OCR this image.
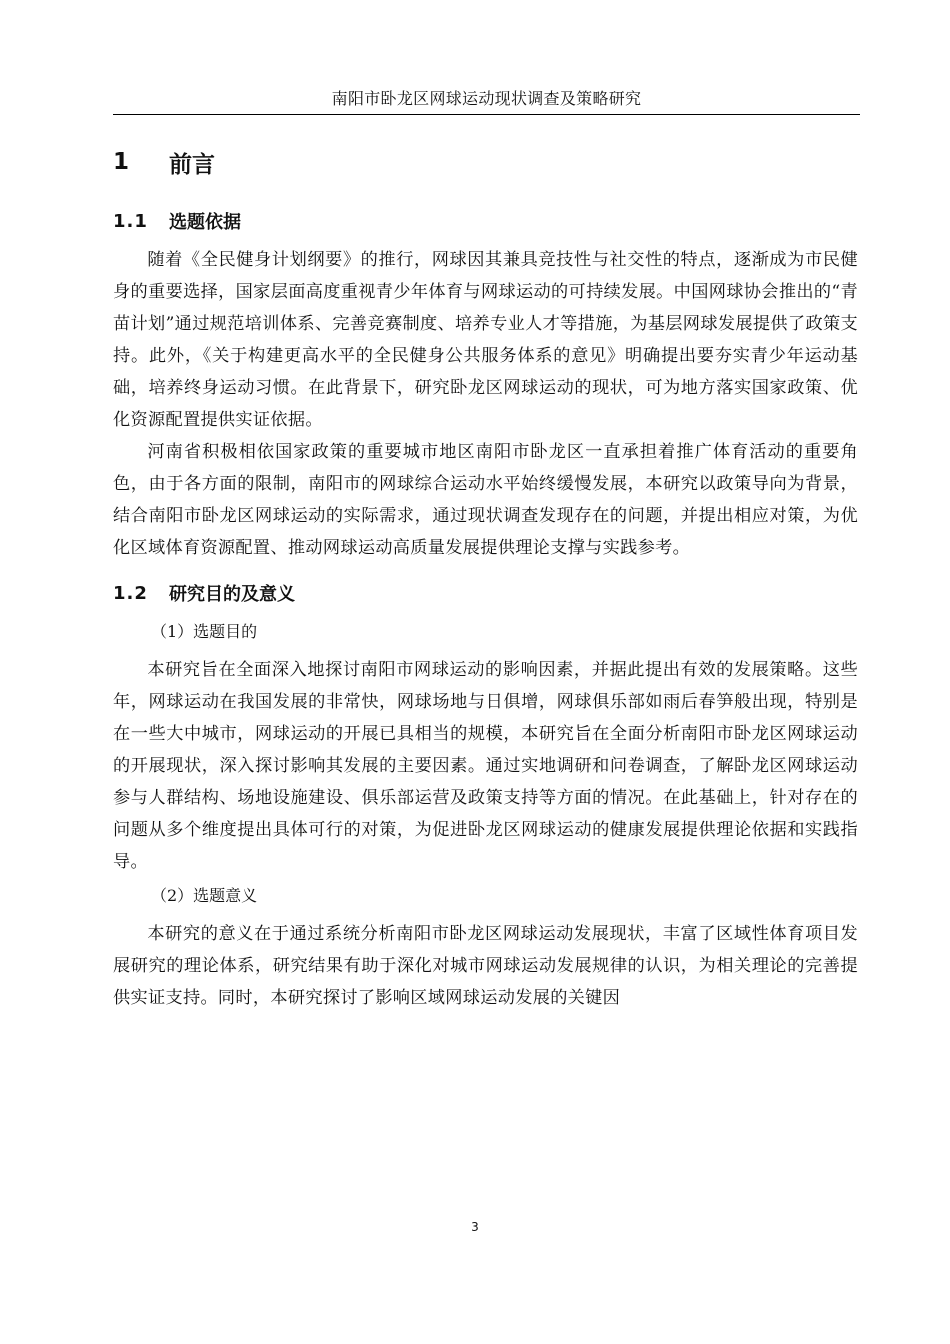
南阳市卧龙区网球运动现状调查及策略研究
1	前言
1.1	选题依据

随着《全民健身计划纲要》的推行，网球因其兼具竞技性与社交性的特点，逐渐成为市民健身的重要选择，国家层面高度重视青少年体育与网球运动的可持续发展。中国网球协会推出的“青苗计划”通过规范培训体系、完善竞赛制度、培养专业人才等措施，为基层网球发展提供了政策支持。此外，《关于构建更高水平的全民健身公共服务体系的意见》明确提出要夯实青少年运动基础，培养终身运动习惯。在此背景下，研究卧龙区网球运动的现状，可为地方落实国家政策、优化资源配置提供实证依据。

河南省积极相依国家政策的重要城市地区南阳市卧龙区一直承担着推广体育活动的重要角色，由于各方面的限制，南阳市的网球综合运动水平始终缓慢发展，本研究以政策导向为背景，结合南阳市卧龙区网球运动的实际需求，通过现状调查发现存在的问题，并提出相应对策，为优化区域体育资源配置、推动网球运动高质量发展提供理论支撑与实践参考。

1.2	研究目的及意义
（1）选题目的

本研究旨在全面深入地探讨南阳市网球运动的影响因素，并据此提出有效的发展策略。这些年，网球运动在我国发展的非常快，网球场地与日俱增，网球俱乐部如雨后春笋般出现，特别是在一些大中城市，网球运动的开展已具相当的规模，本研究旨在全面分析南阳市卧龙区网球运动的开展现状，深入探讨影响其发展的主要因素。通过实地调研和问卷调查，了解卧龙区网球运动参与人群结构、场地设施建设、俱乐部运营及政策支持等方面的情况。在此基础上，针对存在的问题从多个维度提出具体可行的对策，为促进卧龙区网球运动的健康发展提供理论依据和实践指导。

（2）选题意义

本研究的意义在于通过系统分析南阳市卧龙区网球运动发展现状，丰富了区域性体育项目发展研究的理论体系，研究结果有助于深化对城市网球运动发展规律的认识，为相关理论的完善提供实证支持。同时，本研究探讨了影响区域网球运动发展的关键因

3
